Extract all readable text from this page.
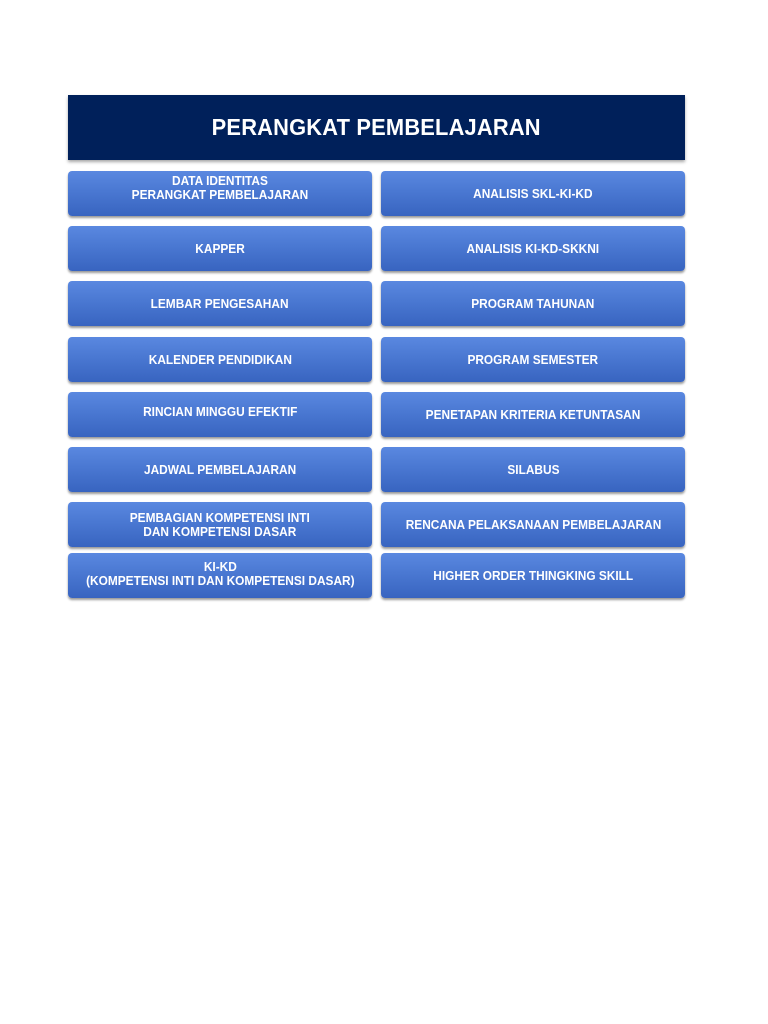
PERANGKAT PEMBELAJARAN
DATA IDENTITAS
PERANGKAT PEMBELAJARAN
KAPPER
LEMBAR PENGESAHAN
KALENDER PENDIDIKAN
RINCIAN MINGGU EFEKTIF
JADWAL PEMBELAJARAN
PEMBAGIAN KOMPETENSI INTI
DAN KOMPETENSI DASAR
KI-KD
(KOMPETENSI INTI DAN KOMPETENSI DASAR)
ANALISIS SKL-KI-KD
ANALISIS KI-KD-SKKNI
PROGRAM TAHUNAN
PROGRAM SEMESTER
PENETAPAN KRITERIA KETUNTASAN
SILABUS
RENCANA PELAKSANAAN PEMBELAJARAN
HIGHER ORDER THINGKING SKILL
